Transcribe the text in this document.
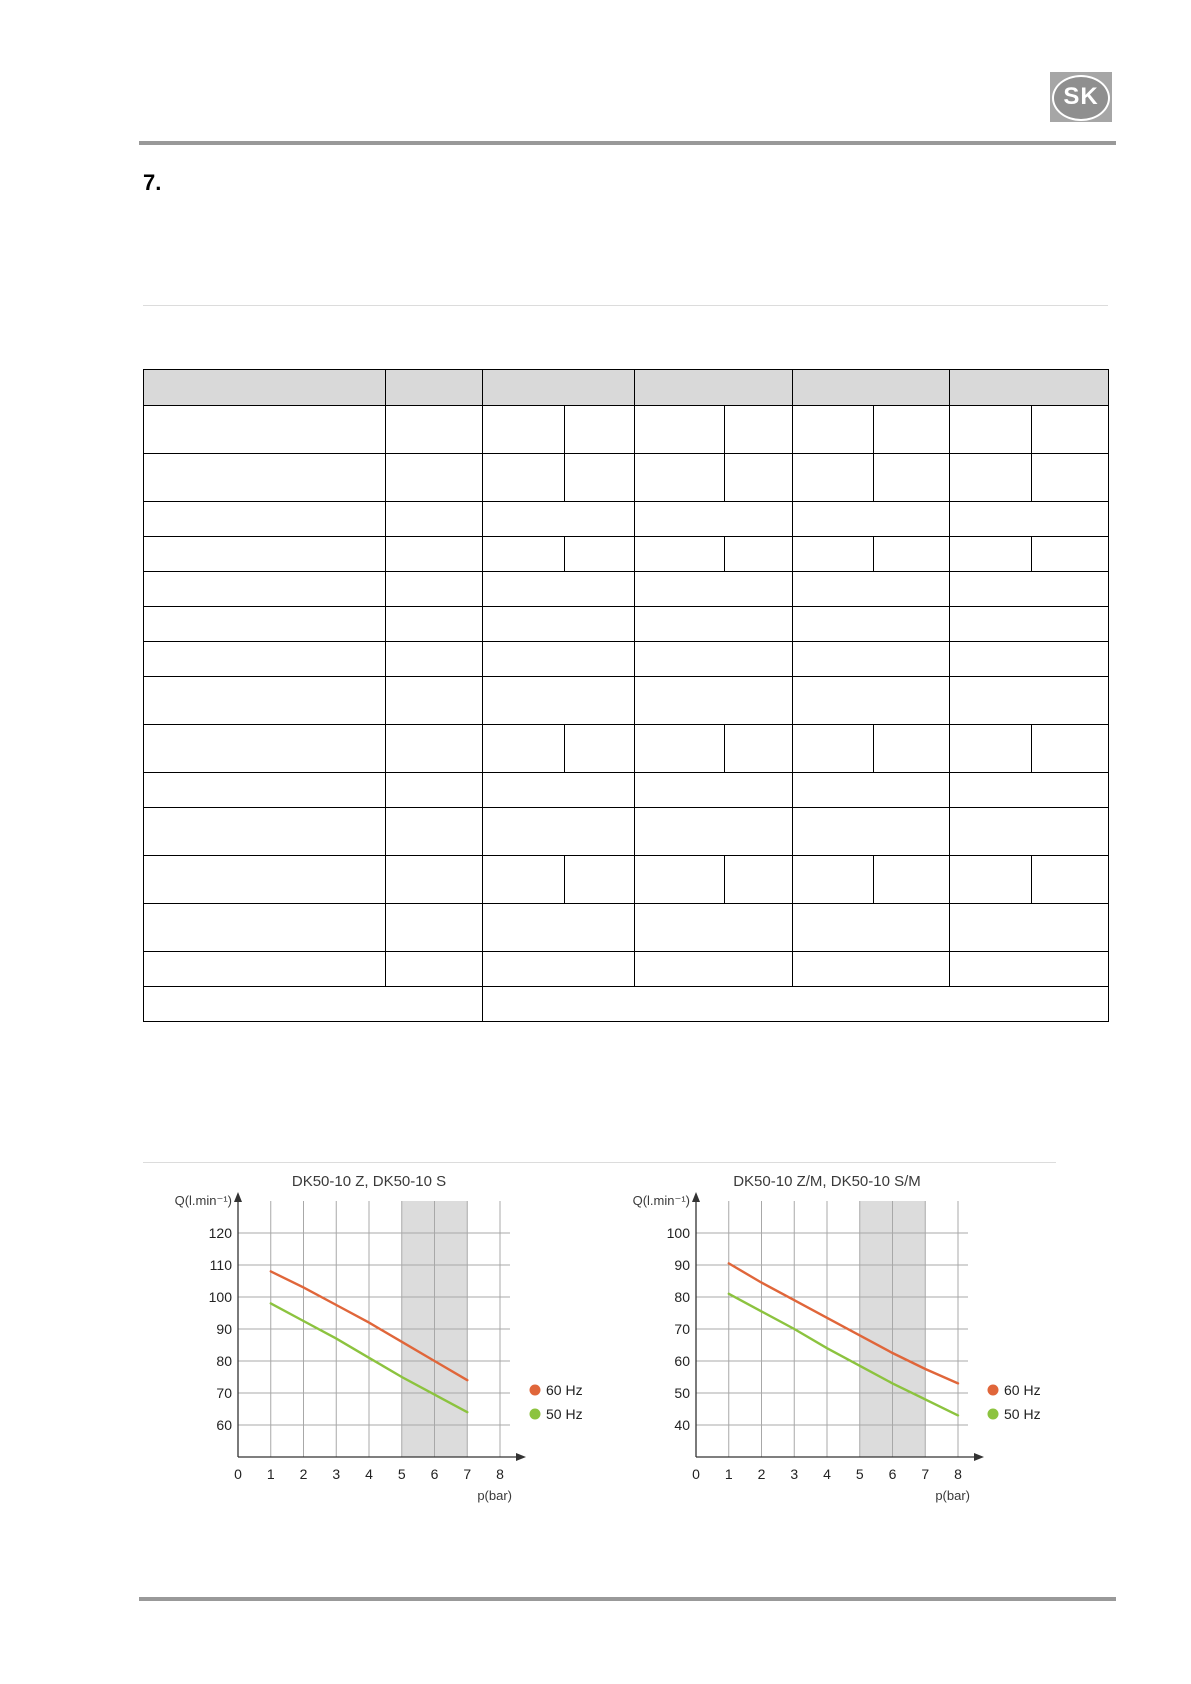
SK
7.
0 1 2 3 4 5 6 7 8
60
70
80
90
100
110
120
DK50-10 Z, DK50-10 S
Q(l.min⁻¹)
p(bar)
60 Hz
50 Hz
0 1 2 3 4 5 6 7 8
40
50
60
70
80
90
100
DK50-10 Z/M, DK50-10 S/M
Q(l.min⁻¹)
p(bar)
60 Hz
50 Hz
